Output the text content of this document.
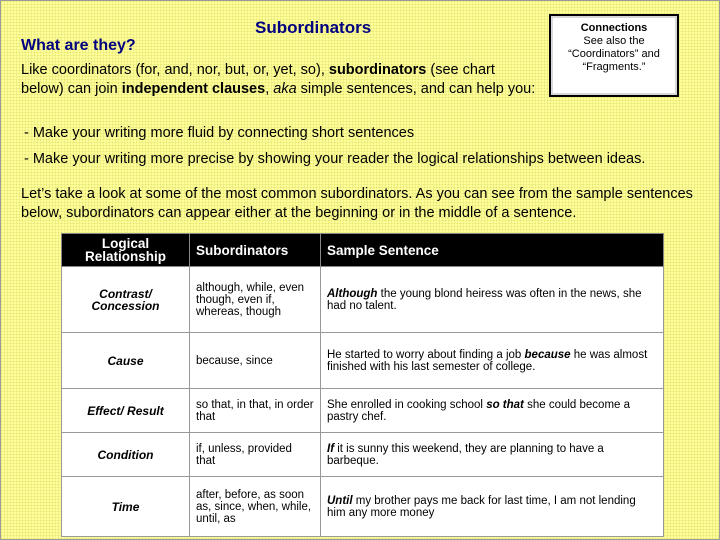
Subordinators
What are they?
Connections
See also the
“Coordinators” and
“Fragments.”
Like coordinators (for, and, nor, but, or, yet, so), subordinators (see chart below) can join independent clauses, aka simple sentences, and can help you:
- Make your writing more fluid by connecting short sentences
- Make your writing more precise by showing your reader the logical relationships between ideas.
Let’s take a look at some of the most common subordinators. As you can see from the sample sentences below, subordinators can appear either at the beginning or in the middle of a sentence.
Logical Relationship	Subordinators	Sample Sentence
Contrast/ Concession	although, while, even though, even if, whereas, though	Although the young blond heiress was often in the news, she had no talent.
Cause	because, since	He started to worry about finding a job because he was almost finished with his last semester of college.
Effect/ Result	so that, in that, in order that	She enrolled in cooking school so that she could become a pastry chef.
Condition	if, unless, provided that	If it is sunny this weekend, they are planning to have a barbeque.
Time	after, before, as soon as, since, when, while, until, as	Until my brother pays me back for last time, I am not lending him any more money
